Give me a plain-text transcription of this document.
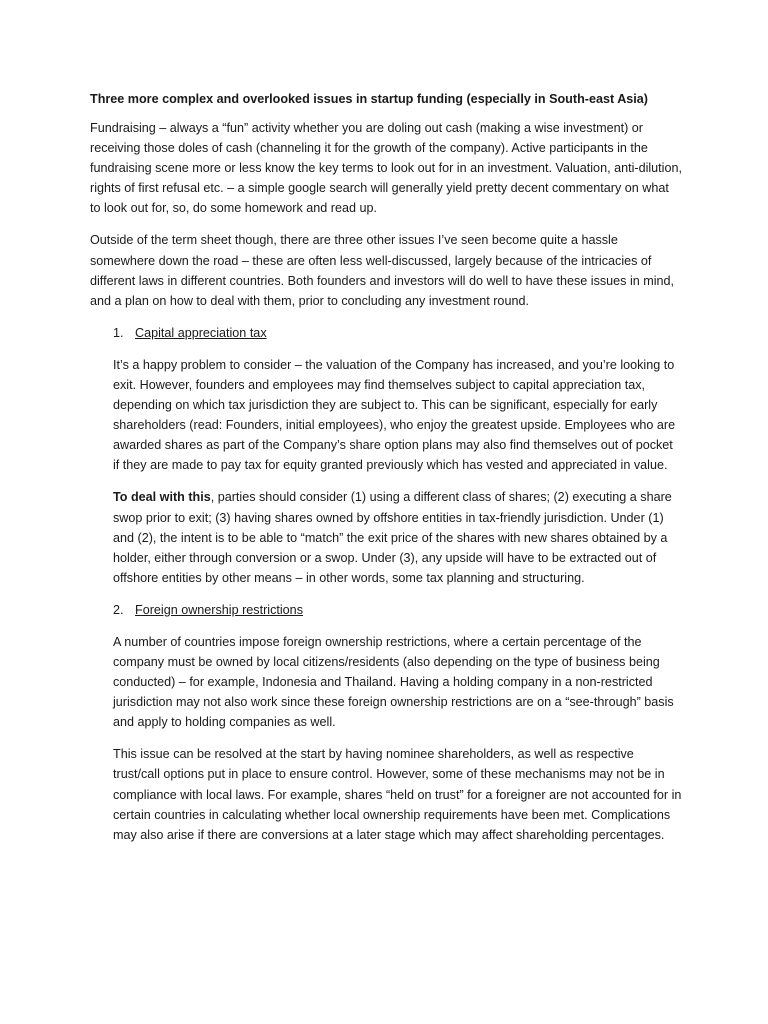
Three more complex and overlooked issues in startup funding (especially in South-east Asia)

Fundraising – always a “fun” activity whether you are doling out cash (making a wise investment) or receiving those doles of cash (channeling it for the growth of the company). Active participants in the fundraising scene more or less know the key terms to look out for in an investment. Valuation, anti-dilution, rights of first refusal etc. – a simple google search will generally yield pretty decent commentary on what to look out for, so, do some homework and read up.

Outside of the term sheet though, there are three other issues I’ve seen become quite a hassle somewhere down the road – these are often less well-discussed, largely because of the intricacies of different laws in different countries. Both founders and investors will do well to have these issues in mind, and a plan on how to deal with them, prior to concluding any investment round.

1. Capital appreciation tax

It’s a happy problem to consider – the valuation of the Company has increased, and you’re looking to exit. However, founders and employees may find themselves subject to capital appreciation tax, depending on which tax jurisdiction they are subject to. This can be significant, especially for early shareholders (read: Founders, initial employees), who enjoy the greatest upside. Employees who are awarded shares as part of the Company’s share option plans may also find themselves out of pocket if they are made to pay tax for equity granted previously which has vested and appreciated in value.

To deal with this, parties should consider (1) using a different class of shares; (2) executing a share swop prior to exit; (3) having shares owned by offshore entities in tax-friendly jurisdiction. Under (1) and (2), the intent is to be able to “match” the exit price of the shares with new shares obtained by a holder, either through conversion or a swop. Under (3), any upside will have to be extracted out of offshore entities by other means – in other words, some tax planning and structuring.

2. Foreign ownership restrictions

A number of countries impose foreign ownership restrictions, where a certain percentage of the company must be owned by local citizens/residents (also depending on the type of business being conducted) – for example, Indonesia and Thailand. Having a holding company in a non-restricted jurisdiction may not also work since these foreign ownership restrictions are on a “see-through” basis and apply to holding companies as well.

This issue can be resolved at the start by having nominee shareholders, as well as respective trust/call options put in place to ensure control. However, some of these mechanisms may not be in compliance with local laws. For example, shares “held on trust” for a foreigner are not accounted for in certain countries in calculating whether local ownership requirements have been met. Complications may also arise if there are conversions at a later stage which may affect shareholding percentages.
